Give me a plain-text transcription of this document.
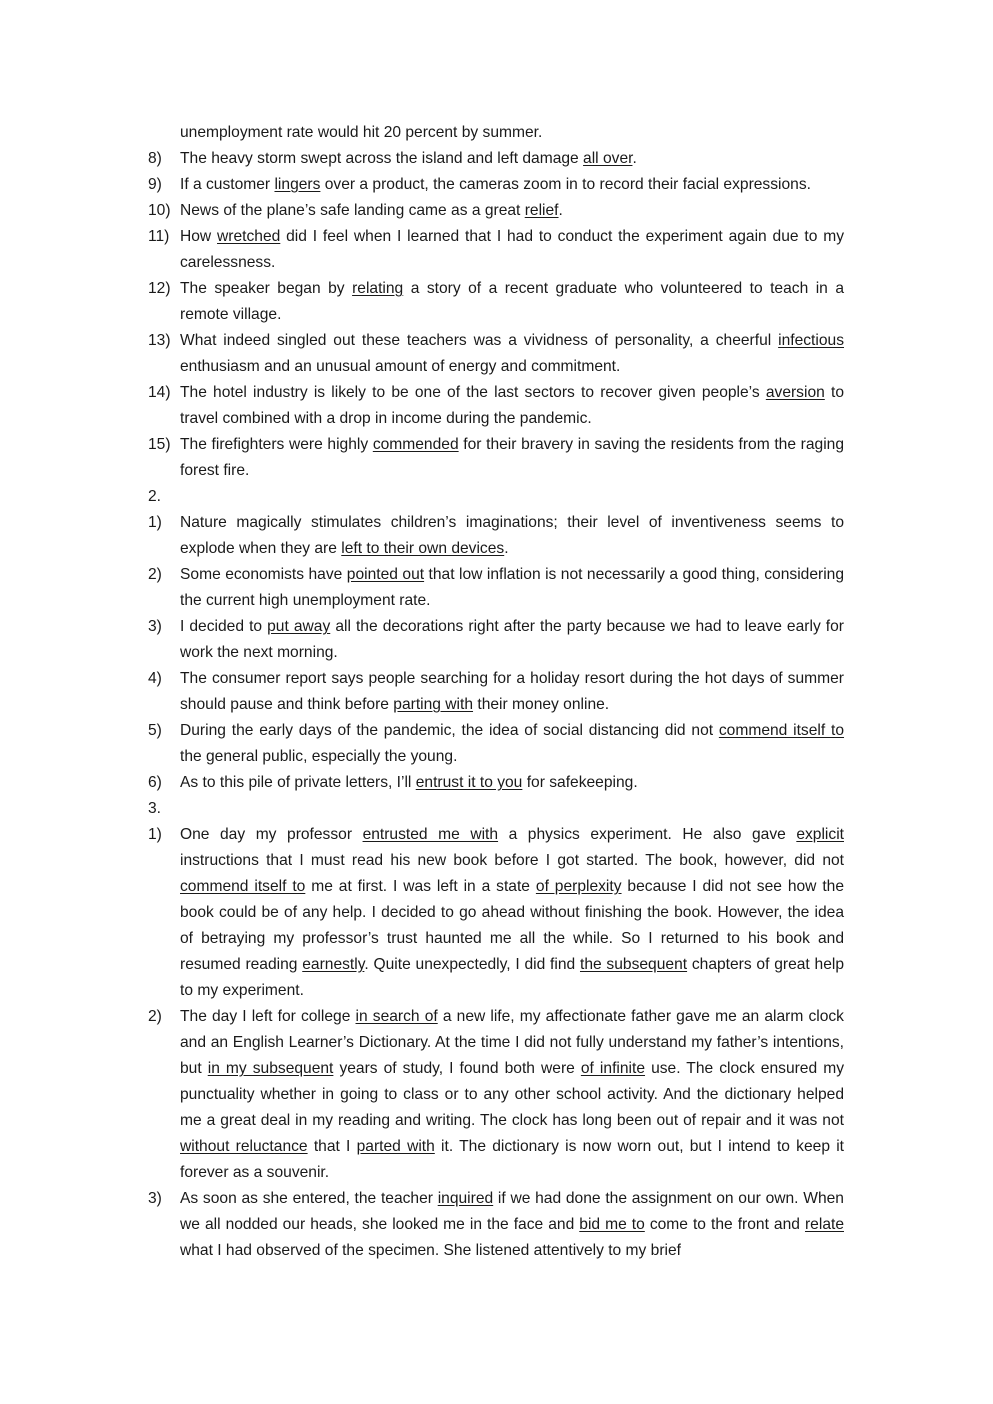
unemployment rate would hit 20 percent by summer.
8)	The heavy storm swept across the island and left damage all over.
9)	If a customer lingers over a product, the cameras zoom in to record their facial expressions.
10) News of the plane’s safe landing came as a great relief.
11) How wretched did I feel when I learned that I had to conduct the experiment again due to my carelessness.
12) The speaker began by relating a story of a recent graduate who volunteered to teach in a remote village.
13) What indeed singled out these teachers was a vividness of personality, a cheerful infectious enthusiasm and an unusual amount of energy and commitment.
14) The hotel industry is likely to be one of the last sectors to recover given people’s aversion to travel combined with a drop in income during the pandemic.
15) The firefighters were highly commended for their bravery in saving the residents from the raging forest fire.
2.
1)	Nature magically stimulates children’s imaginations; their level of inventiveness seems to explode when they are left to their own devices.
2)	Some economists have pointed out that low inflation is not necessarily a good thing, considering the current high unemployment rate.
3)	I decided to put away all the decorations right after the party because we had to leave early for work the next morning.
4)	The consumer report says people searching for a holiday resort during the hot days of summer should pause and think before parting with their money online.
5)	During the early days of the pandemic, the idea of social distancing did not commend itself to the general public, especially the young.
6)	As to this pile of private letters, I’ll entrust it to you for safekeeping.
3.
1)	One day my professor entrusted me with a physics experiment. He also gave explicit instructions that I must read his new book before I got started. The book, however, did not commend itself to me at first. I was left in a state of perplexity because I did not see how the book could be of any help. I decided to go ahead without finishing the book. However, the idea of betraying my professor’s trust haunted me all the while. So I returned to his book and resumed reading earnestly. Quite unexpectedly, I did find the subsequent chapters of great help to my experiment.
2)	The day I left for college in search of a new life, my affectionate father gave me an alarm clock and an English Learner’s Dictionary. At the time I did not fully understand my father’s intentions, but in my subsequent years of study, I found both were of infinite use. The clock ensured my punctuality whether in going to class or to any other school activity. And the dictionary helped me a great deal in my reading and writing. The clock has long been out of repair and it was not without reluctance that I parted with it. The dictionary is now worn out, but I intend to keep it forever as a souvenir.
3)	As soon as she entered, the teacher inquired if we had done the assignment on our own. When we all nodded our heads, she looked me in the face and bid me to come to the front and relate what I had observed of the specimen. She listened attentively to my brief
